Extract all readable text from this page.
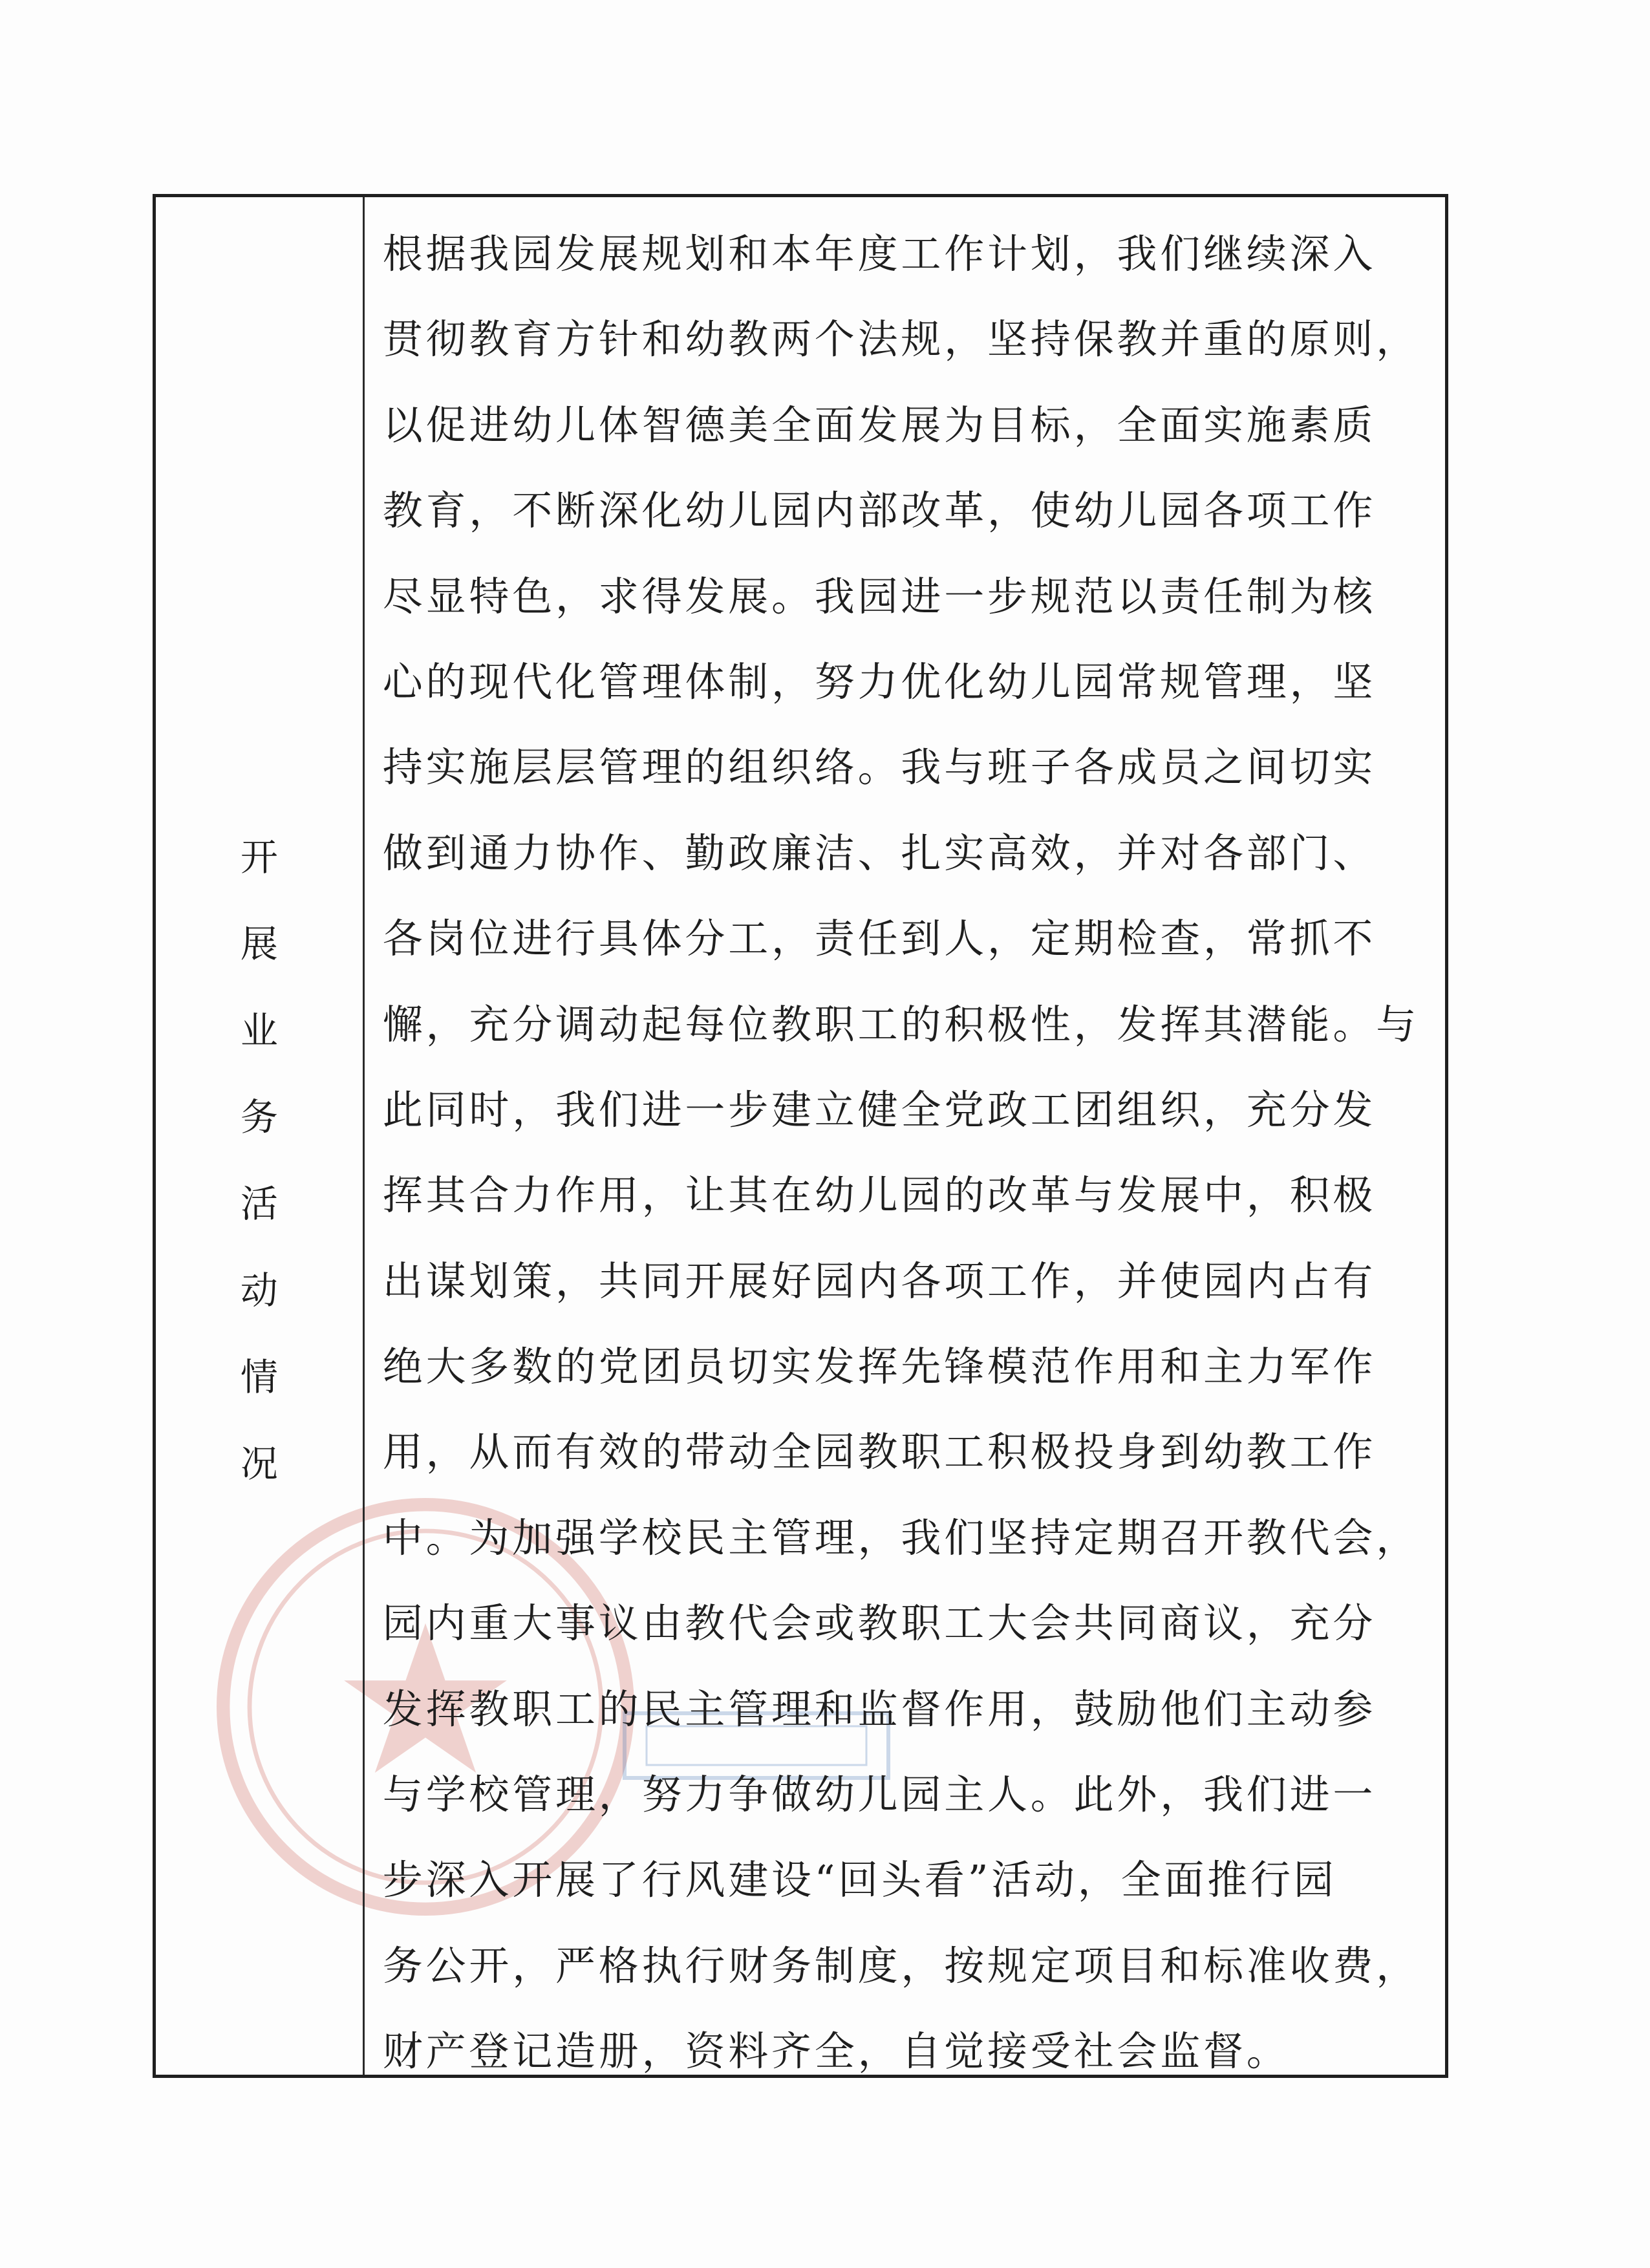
开
展
业
务
活
动
情
况
根据我园发展规划和本年度工作计划，我们继续深入
贯彻教育方针和幼教两个法规，坚持保教并重的原则，
以促进幼儿体智德美全面发展为目标，全面实施素质
教育，不断深化幼儿园内部改革，使幼儿园各项工作
尽显特色，求得发展。我园进一步规范以责任制为核
心的现代化管理体制，努力优化幼儿园常规管理，坚
持实施层层管理的组织络。我与班子各成员之间切实
做到通力协作、勤政廉洁、扎实高效，并对各部门、
各岗位进行具体分工，责任到人，定期检查，常抓不
懈，充分调动起每位教职工的积极性，发挥其潜能。与
此同时，我们进一步建立健全党政工团组织，充分发
挥其合力作用，让其在幼儿园的改革与发展中，积极
出谋划策，共同开展好园内各项工作，并使园内占有
绝大多数的党团员切实发挥先锋模范作用和主力军作
用，从而有效的带动全园教职工积极投身到幼教工作
中。为加强学校民主管理，我们坚持定期召开教代会，
园内重大事议由教代会或教职工大会共同商议，充分
发挥教职工的民主管理和监督作用，鼓励他们主动参
与学校管理，努力争做幼儿园主人。此外，我们进一
步深入开展了行风建设“回头看”活动，全面推行园
务公开，严格执行财务制度，按规定项目和标准收费，
财产登记造册，资料齐全，自觉接受社会监督。
